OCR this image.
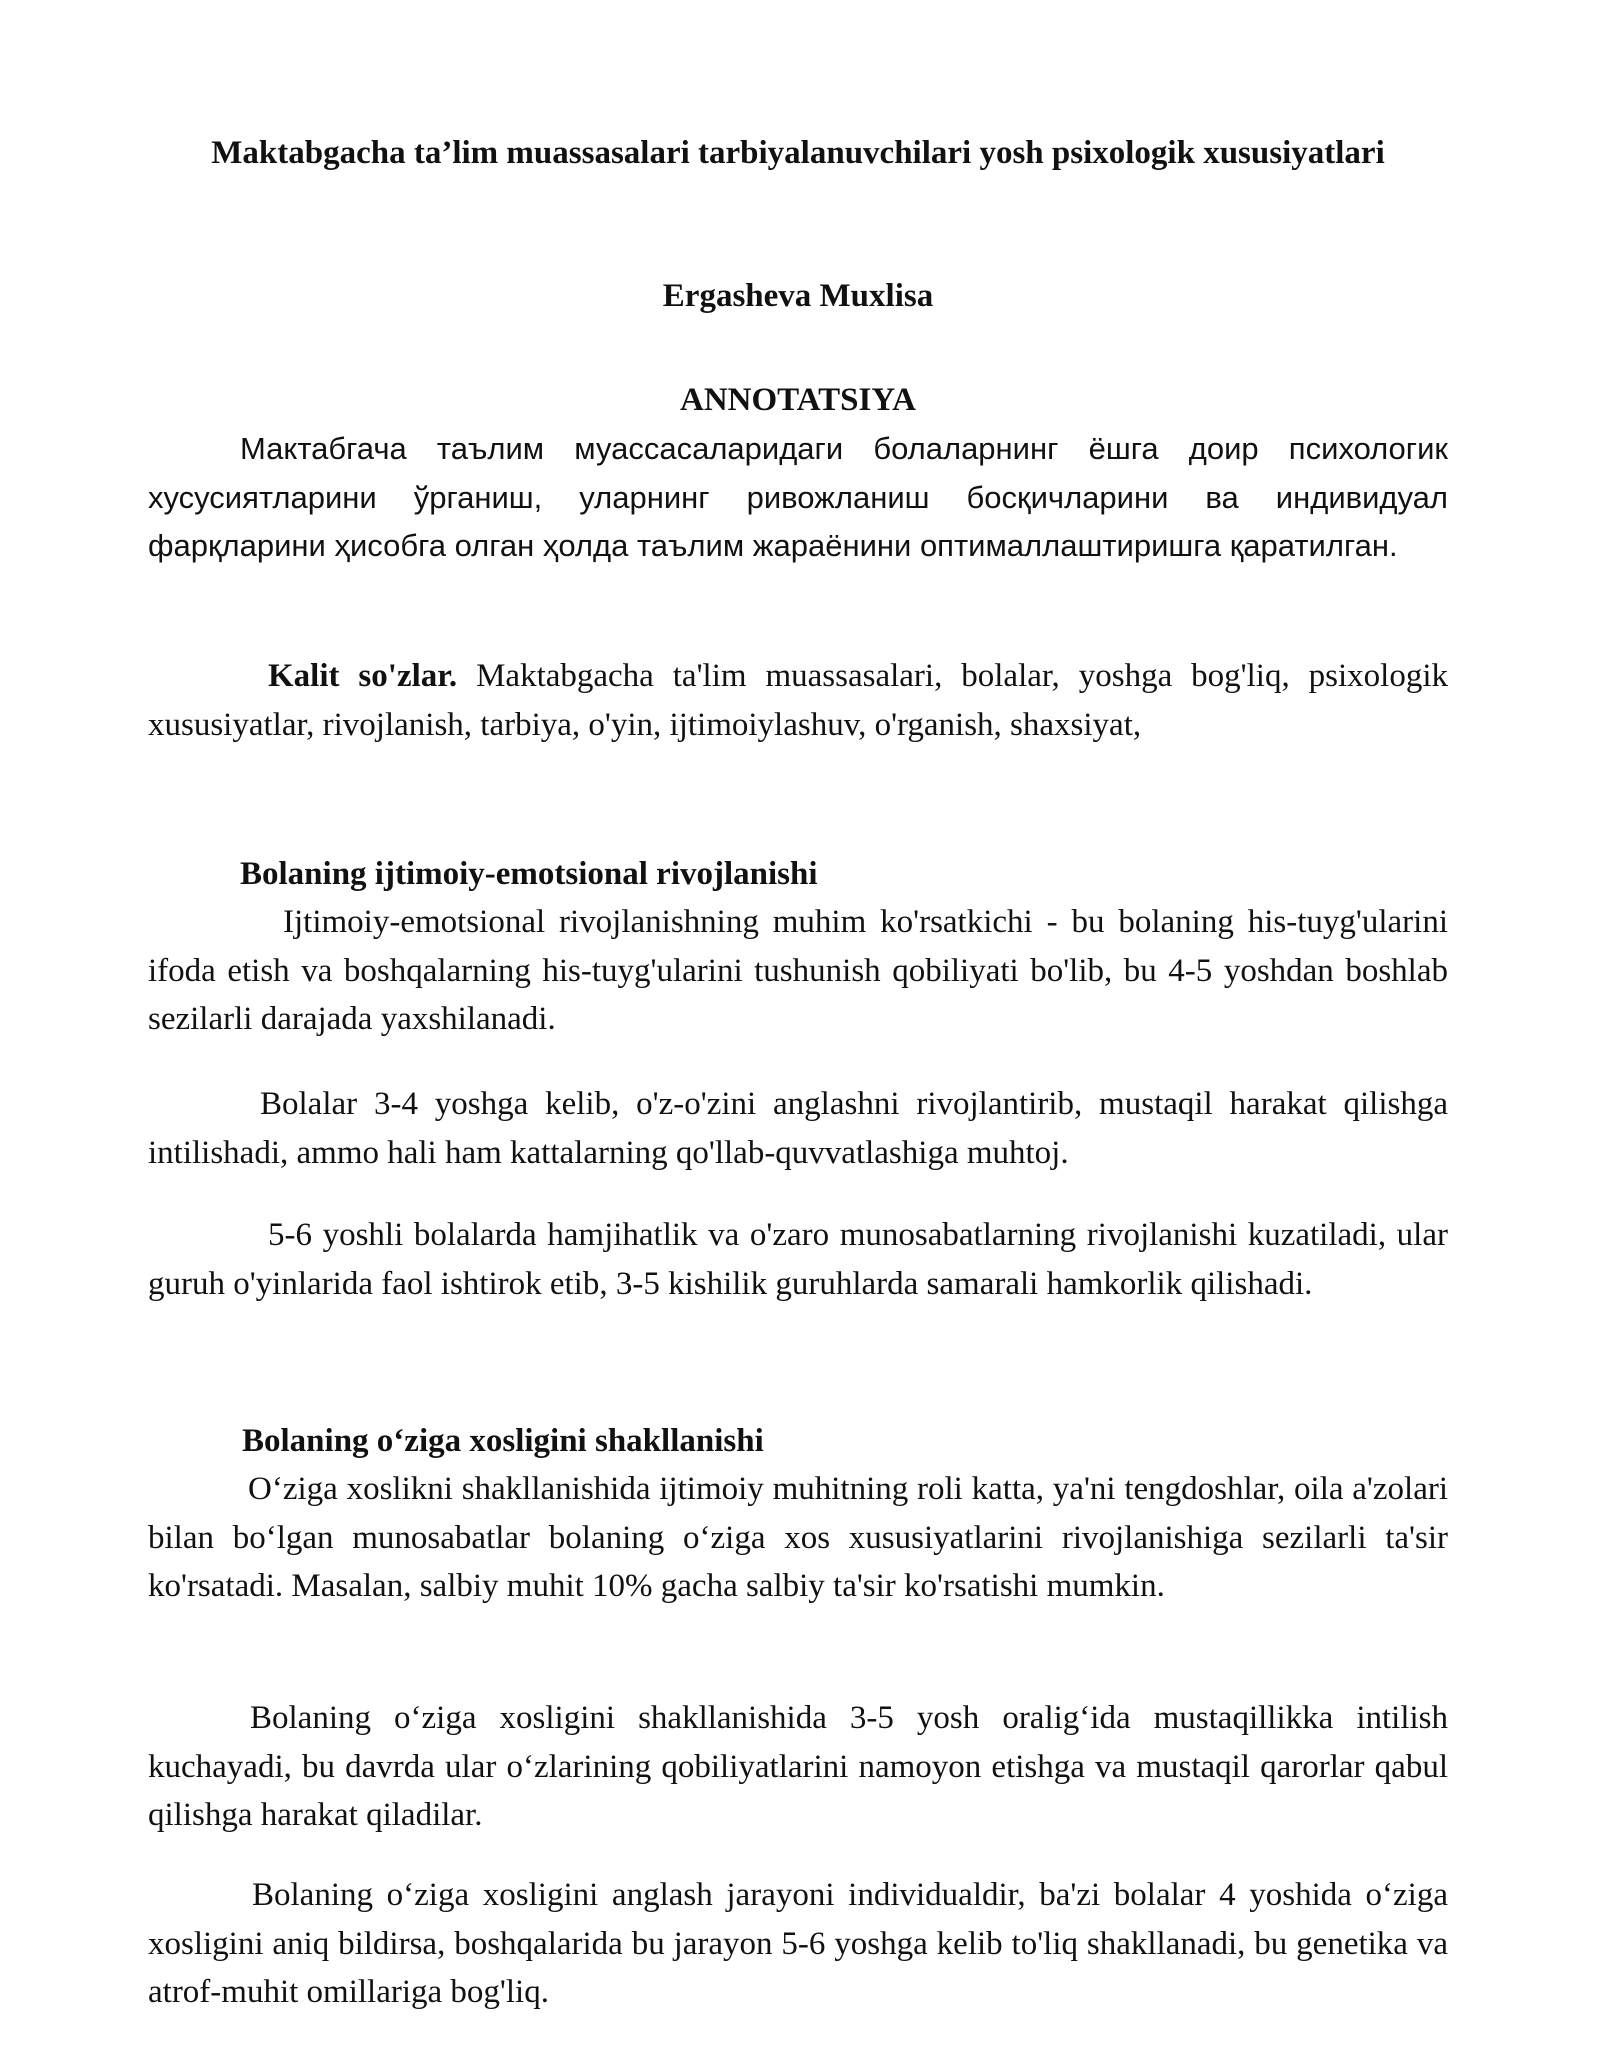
Maktabgacha ta’lim muassasalari tarbiyalanuvchilari yosh psixologik xususiyatlari
Ergasheva Muxlisa
ANNOTATSIYA

Мактабгача таълим муассасаларидаги болаларнинг ёшга доир психологик хусусиятларини ўрганиш, уларнинг ривожланиш босқичларини ва индивидуал фарқларини ҳисобга олган ҳолда таълим жараёнини оптималлаштиришга қаратилган.

Kalit so'zlar. Maktabgacha ta'lim muassasalari, bolalar, yoshga bog'liq, psixologik xususiyatlar, rivojlanish, tarbiya, o'yin, ijtimoiylashuv, o'rganish, shaxsiyat,

Bolaning ijtimoiy-emotsional rivojlanishi

Ijtimoiy-emotsional rivojlanishning muhim ko'rsatkichi - bu bolaning his-tuyg'ularini ifoda etish va boshqalarning his-tuyg'ularini tushunish qobiliyati bo'lib, bu 4-5 yoshdan boshlab sezilarli darajada yaxshilanadi.

Bolalar 3-4 yoshga kelib, o'z-o'zini anglashni rivojlantirib, mustaqil harakat qilishga intilishadi, ammo hali ham kattalarning qo'llab-quvvatlashiga muhtoj.

5-6 yoshli bolalarda hamjihatlik va o'zaro munosabatlarning rivojlanishi kuzatiladi, ular guruh o'yinlarida faol ishtirok etib, 3-5 kishilik guruhlarda samarali hamkorlik qilishadi.

Bolaning o‘ziga xosligini shakllanishi

O‘ziga xoslikni shakllanishida ijtimoiy muhitning roli katta, ya'ni tengdoshlar, oila a'zolari bilan bo‘lgan munosabatlar bolaning o‘ziga xos xususiyatlarini rivojlanishiga sezilarli ta'sir ko'rsatadi. Masalan, salbiy muhit 10% gacha salbiy ta'sir ko'rsatishi mumkin.

Bolaning o‘ziga xosligini shakllanishida 3-5 yosh oralig‘ida mustaqillikka intilish kuchayadi, bu davrda ular o‘zlarining qobiliyatlarini namoyon etishga va mustaqil qarorlar qabul qilishga harakat qiladilar.

Bolaning o‘ziga xosligini anglash jarayoni individualdir, ba'zi bolalar 4 yoshida o‘ziga xosligini aniq bildirsa, boshqalarida bu jarayon 5-6 yoshga kelib to'liq shakllanadi, bu genetika va atrof-muhit omillariga bog'liq.
